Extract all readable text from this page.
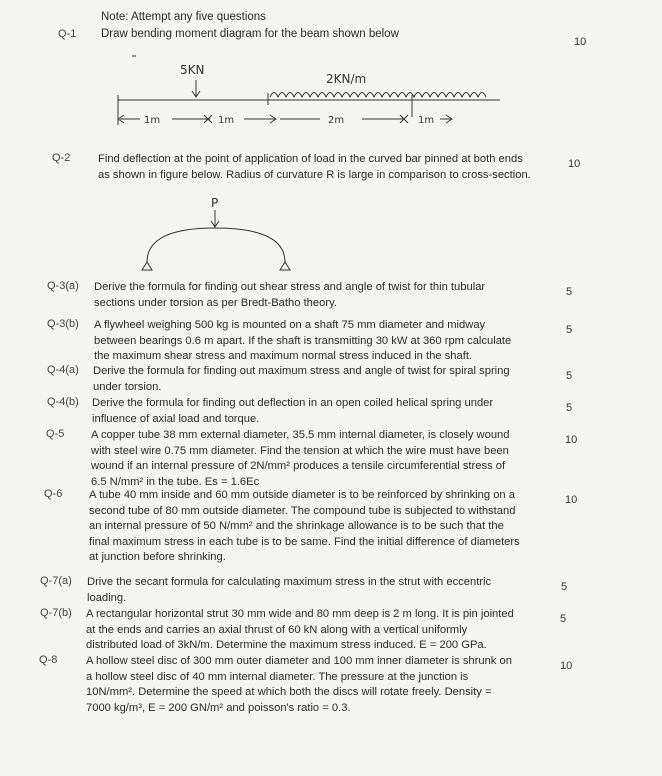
Note: Attempt any five questions
Q-1 Draw bending moment diagram for the beam shown below
10
5KN
2KN/m
1m	1m	2m	1m
Q-2 Find deflection at the point of application of load in the curved bar pinned at both ends
as shown in figure below. Radius of curvature R is large in comparison to cross-section.
10
P
Q-3(a)	5
Derive the formula for finding out shear stress and angle of twist for thin tubular
sections under torsion as per Bredt-Batho theory.
Q-3(b)	5
A flywheel weighing 500 kg is mounted on a shaft 75 mm diameter and midway
between bearings 0.6 m apart. If the shaft is transmitting 30 kW at 360 rpm calculate
the maximum shear stress and maximum normal stress induced in the shaft.
Q-4(a)	5
Derive the formula for finding out maximum stress and angle of twist for spiral spring
under torsion.
Q-4(b)	5
Derive the formula for finding out deflection in an open coiled helical spring under
influence of axial load and torque.
Q-5	10
A copper tube 38 mm external diameter, 35.5 mm internal diameter, is closely wound
with steel wire 0.75 mm diameter. Find the tension at which the wire must have been
wound if an internal pressure of 2N/mm² produces a tensile circumferential stress of
6.5 N/mm² in the tube. Es = 1.6Ec
Q-6	10
A tube 40 mm inside and 60 mm outside diameter is to be reinforced by shrinking on a
second tube of 80 mm outside diameter. The compound tube is subjected to withstand
an internal pressure of 50 N/mm² and the shrinkage allowance is to be such that the
final maximum stress in each tube is to be same. Find the initial difference of diameters
at junction before shrinking.
Q-7(a)	5
Drive the secant formula for calculating maximum stress in the strut with eccentric
loading.
Q-7(b)	5
A rectangular horizontal strut 30 mm wide and 80 mm deep is 2 m long. It is pin jointed
at the ends and carries an axial thrust of 60 kN along with a vertical uniformly
distributed load of 3kN/m. Determine the maximum stress induced. E = 200 GPa.
Q-8	10
A hollow steel disc of 300 mm outer diameter and 100 mm inner diameter is shrunk on
a hollow steel disc of 40 mm internal diameter. The pressure at the junction is
10N/mm². Determine the speed at which both the discs will rotate freely. Density =
7000 kg/m³, E = 200 GN/m² and poisson's ratio = 0.3.
